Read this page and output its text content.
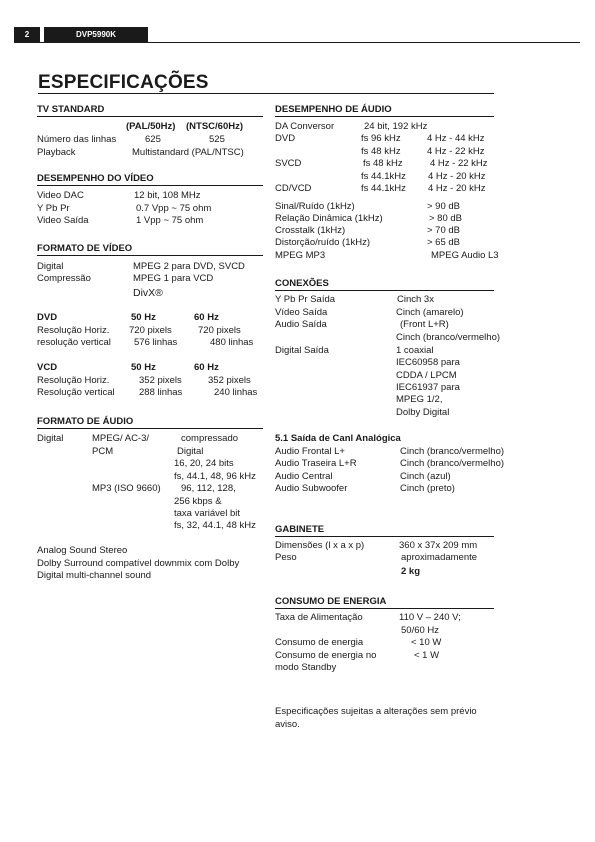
2	DVP5990K
ESPECIFICAÇÕES
TV STANDARD
(PAL/50Hz) (NTSC/60Hz)
Número das linhas	625	525
Playback	Multistandard (PAL/NTSC)
DESEMPENHO DO VÍDEO
Video DAC	12 bit, 108 MHz
Y Pb Pr	0.7 Vpp ~ 75 ohm
Video Saída	1 Vpp ~ 75 ohm
FORMATO DE VÍDEO
Digital	MPEG 2 para DVD, SVCD
Compressão	MPEG 1 para VCD
DivX®
DVD	50 Hz	60 Hz
Resolução Horiz. 720 pixels	720 pixels
resolução vertical 576 linhas	480 linhas
VCD	50 Hz	60 Hz
Resolução Horiz.	352 pixels	352 pixels
Resolução vertical	288 linhas	240 linhas
FORMATO DE ÁUDIO
Digital	MPEG/ AC-3/	compressado
PCM	Digital
16, 20, 24 bits
fs, 44.1, 48, 96 kHz
MP3 (ISO 9660) 96, 112, 128,
256 kbps &
taxa variável bit
fs, 32, 44.1, 48 kHz
Analog Sound Stereo
Dolby Surround compatível downmix com Dolby
Digital multi-channel sound
DESEMPENHO DE ÁUDIO
DA Conversor	24 bit, 192 kHz
DVD	fs 96 kHz	4 Hz - 44 kHz
fs 48 kHz	4 Hz - 22 kHz
SVCD	fs 48 kHz	4 Hz - 22 kHz
fs 44.1kHz 4 Hz - 20 kHz
CD/VCD	fs 44.1kHz 4 Hz - 20 kHz
Sinal/Ruído (1kHz)	> 90 dB
Relação Dinâmica (1kHz)	> 80 dB
Crosstalk (1kHz)	> 70 dB
Distorção/ruído (1kHz)	> 65 dB
MPEG MP3	MPEG Audio L3
CONEXÕES
Y Pb Pr Saída	Cinch 3x
Vídeo Saída	Cinch (amarelo)
Audio Saída	(Front L+R)
Cinch (branco/vermelho)
Digital Saída	1 coaxial
IEC60958 para
CDDA / LPCM
IEC61937 para
MPEG 1/2,
Dolby Digital
5.1 Saída de Canl Analógica
Audio Frontal L+	Cinch (branco/vermelho)
Audio Traseira L+R	Cinch (branco/vermelho)
Audio Central	Cinch (azul)
Audio Subwoofer	Cinch (preto)
GABINETE
Dimensões (l x a x p)	360 x 37x 209 mm
Peso	aproximadamente
2 kg
CONSUMO DE ENERGIA
Taxa de Alimentação	110 V – 240 V;
50/60 Hz
Consumo de energia	< 10 W
Consumo de energia no	< 1 W
modo Standby
Especificações sujeitas a alterações sem prévio
aviso.
